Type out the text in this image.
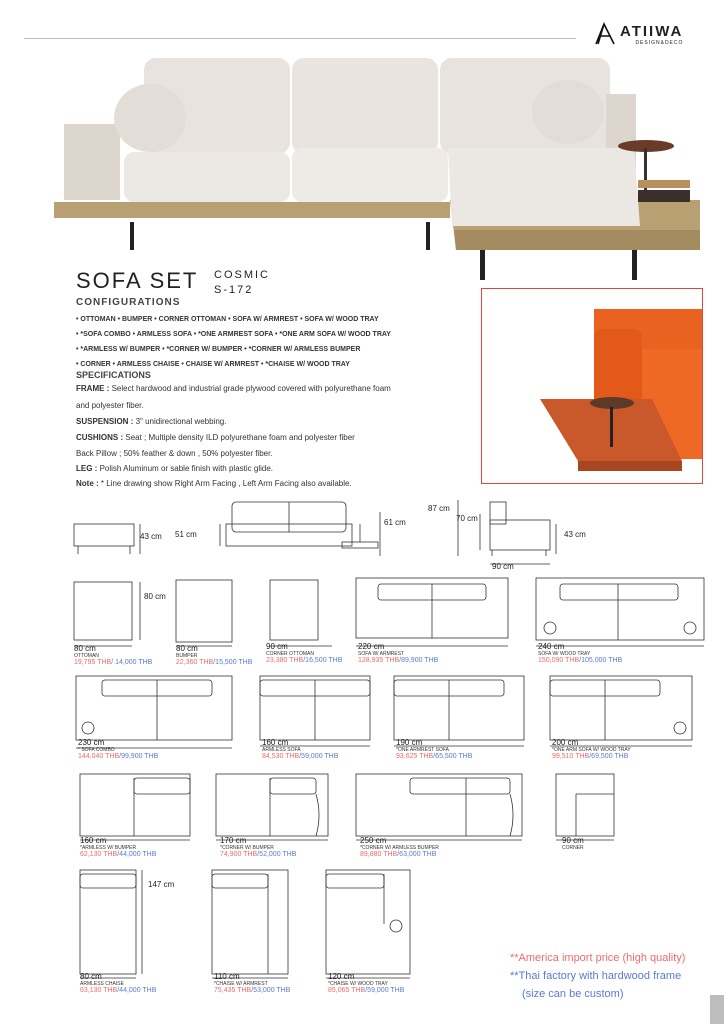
ATIIWA
DESIGN&DECO
SOFA SET COSMIC
S-172
CONFIGURATIONS
• OTTOMAN • BUMPER • CORNER OTTOMAN • SOFA W/ ARMREST • SOFA W/ WOOD TRAY
• *SOFA COMBO • ARMLESS SOFA • *ONE ARMREST SOFA • *ONE ARM SOFA W/ WOOD TRAY
• *ARMLESS W/ BUMPER • *CORNER W/ BUMPER • *CORNER W/ ARMLESS BUMPER
• CORNER • ARMLESS CHAISE • CHAISE W/ ARMREST • *CHAISE W/ WOOD TRAY
SPECIFICATIONS
FRAME : Select hardwood and industrial grade plywood covered with polyurethane foam
and polyester fiber.
SUSPENSION : 3" unidirectional webbing.
CUSHIONS : Seat ; Multiple density ILD polyurethane foam and polyester fiber
Back Pillow ; 50% feather & down , 50% polyester fiber.
LEG : Polish Aluminum or sable finish with plastic glide.
Note : * Line drawing show Right Arm Facing , Left Arm Facing also available.
43 cm 51 cm
61 cm
87 cm
70 cm
43 cm
90 cm
80 cm
OTTOMAN
19,795 THB/ 14,000 THB
80 cm
80 cm
BUMPER
22,360 THB/15,500 THB
90 cm
CORNER OTTOMAN
23,380 THB/16,500 THB
220 cm
SOFA W/ ARMREST
128,935 THB/89,900 THB
240 cm
SOFA W/ WOOD TRAY
150,090 THB/105,000 THB
230 cm
* SOFA COMBO
144,040 THB/99,900 THB
160 cm
ARMLESS SOFA
84,530 THB/59,000 THB
190 cm
*ONE ARMREST SOFA
93,625 THB/65,500 THB
200 cm
*ONE ARM SOFA W/ WOOD TRAY
99,510 THB/69,500 THB
160 cm
*ARMLESS W/ BUMPER
62,130 THB/44,000 THB
170 cm
*CORNER W/ BUMPER
74,900 THB/52,000 THB
250 cm
*CORNER W/ ARMLESS BUMPER
89,880 THB/63,000 THB
90 cm
CORNER
80 cm
ARMLESS CHAISE
63,130 THB/44,000 THB
147 cm
110 cm
*CHAISE W/ ARMREST
75,435 THB/53,000 THB
120 cm
*CHAISE W/ WOOD TRAY
85,065 THB/59,000 THB
**America import price (high quality)
**Thai factory with hardwood frame
(size can be custom)
